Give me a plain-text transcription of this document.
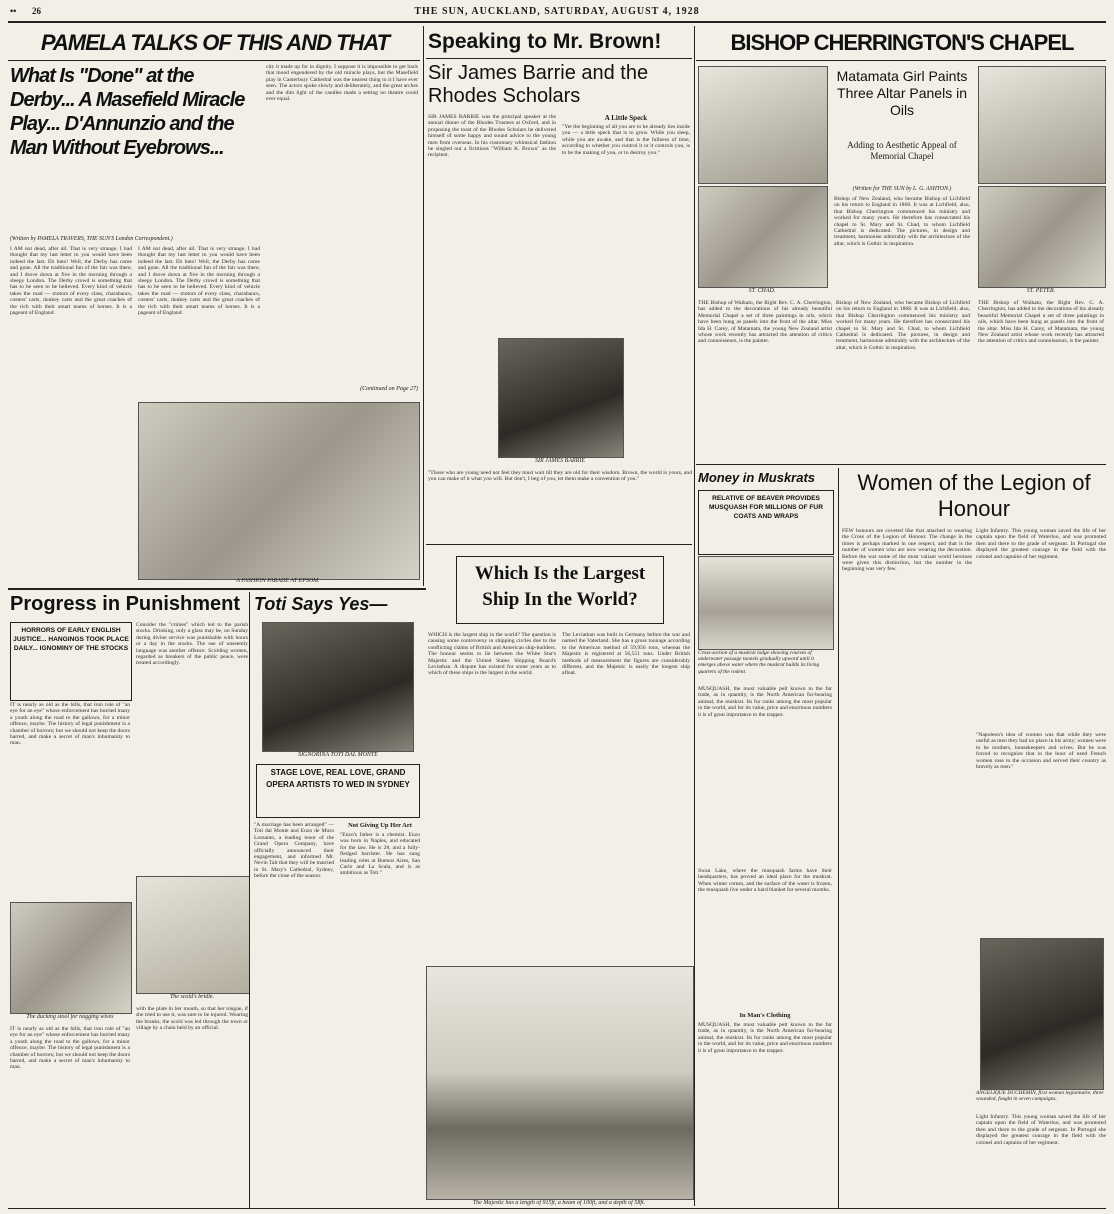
•• 26	THE SUN, AUCKLAND, SATURDAY, AUGUST 4, 1928
PAMELA TALKS OF THIS AND THAT
What Is "Done" at the Derby... A Masefield Miracle Play... D'Annunzio and the Man Without Eyebrows...
(Written by PAMELA TRAVERS, THE SUN'S London Correspondent.)
I AM not dead, after all. That is very strange. I had thought that my last letter to you would have been indeed the last. Eh bien! Well, the Derby has come and gone. All the traditional fun of the fair was there, and I drove down at five in the morning through a sleepy London. The Derby crowd is something that has to be seen to be believed. Every kind of vehicle takes the road — motors of every class, charabancs, costers' carts, donkey carts and the great coaches of the rich with their smart teams of horses. It is a pageant of England.
I AM not dead, after all. That is very strange. I had thought that my last letter to you would have been indeed the last. Eh bien! Well, the Derby has come and gone. All the traditional fun of the fair was there, and I drove down at five in the morning through a sleepy London. The Derby crowd is something that has to be seen to be believed. Every kind of vehicle takes the road — motors of every class, charabancs, costers' carts, donkey carts and the great coaches of the rich with their smart teams of horses. It is a pageant of England.
city it made up for in dignity. I suppose it is impossible to get back that mood engendered by the old miracle plays, but the Masefield play in Canterbury Cathedral was the nearest thing to it I have ever seen. The actors spoke slowly and deliberately, and the great arches and the dim light of the candles made a setting no theatre could ever equal.
(Continued on Page 27)
A FASHION PARADE AT EPSOM.
Speaking to Mr. Brown!
Sir James Barrie and the Rhodes Scholars
SIR JAMES BARRIE was the principal speaker at the annual dinner of the Rhodes Trustees at Oxford, and in proposing the toast of the Rhodes Scholars he delivered himself of some happy and sound advice to the young men from overseas. In his customary whimsical fashion he singled out a fictitious "William K. Brown" as the recipient.
A Little Speck
"Yet the beginning of all you are to be already lies inside you — a little speck that is to grow. While you sleep, while you are awake, and that is the fullness of time, according to whether you control it or it controls you, is to be the making of you, or to destroy you."
SIR JAMES BARRIE
"Those who are young need not feel they must wait till they are old for their wisdom. Brown, the world is yours, and you can make of it what you will. But don't, I beg of you, let them make a convention of you."
Which Is the Largest Ship In the World?
WHICH is the largest ship in the world? The question is causing some controversy in shipping circles due to the conflicting claims of British and American ship-builders. The honour seems to lie between the White Star's Majestic and the United States Shipping Board's Leviathan. A dispute has existed for some years as to which of these ships is the largest in the world.
The Leviathan was built in Germany before the war and named the Vaterland. She has a gross tonnage according to the American method of 59,956 tons, whereas the Majestic is registered at 56,551 tons. Under British methods of measurement the figures are considerably different, and the Majestic is easily the longest ship afloat.
The Majestic has a length of 915ft, a beam of 100ft, and a depth of 58ft.
Progress in Punishment
HORRORS OF EARLY ENGLISH JUSTICE... HANGINGS TOOK PLACE DAILY... IGNOMINY OF THE STOCKS
IT is nearly as old as the hills, that iron rule of "an eye for an eye" whose enforcement has hurried many a youth along the road to the gallows, for a minor offence, maybe. The history of legal punishment is a chamber of horrors; but we should not keep the doors barred, and make a secret of man's inhumanity to man.
The ducking stool for nagging wives
IT is nearly as old as the hills, that iron rule of "an eye for an eye" whose enforcement has hurried many a youth along the road to the gallows, for a minor offence, maybe. The history of legal punishment is a chamber of horrors; but we should not keep the doors barred, and make a secret of man's inhumanity to man.
Consider the "crimes" which led to the parish stocks. Drinking, only a glass may be, on Sunday during divine service was punishable with hours or a day in the stocks. The use of unseemly language was another offence. Scolding women, regarded as breakers of the public peace, were treated accordingly.
The scold's bridle.
with the plate in her mouth, so that her tongue, if she tried to use it, was sure to be injured. Wearing the branks, the scold was led through the town or village by a chain held by an official.
Toti Says Yes—
SIGNORINA TOTI DAL MONTE
STAGE LOVE, REAL LOVE, GRAND OPERA ARTISTS TO WED IN SYDNEY
"A marriage has been arranged" — Toti dal Monte and Enzo de Muro Lomanto, a leading tenor of the Grand Opera Company, have officially announced their engagement, and informed Mr. Nevin Tait that they will be married in St. Mary's Cathedral, Sydney, before the close of the season.
Not Giving Up Her Art
"Enzo's father is a chemist. Enzo was born in Naples, and educated for the law. He is 28, and a fully-fledged barrister. He has sung leading roles at Buenos Aires, San Carlo and La Scala, and is as ambitious as Toti."
BISHOP CHERRINGTON'S CHAPEL
Matamata Girl Paints Three Altar Panels in Oils
Adding to Aesthetic Appeal of Memorial Chapel
(Written for THE SUN by L. G. ASHTON.)
ST. CHAD.	ST. PETER.
Bishop of New Zealand, who became Bishop of Lichfield on his return to England in 1868. It was at Lichfield, also, that Bishop Cherrington commenced his ministry and worked for many years. He therefore has consecrated his chapel to St. Mary and St. Chad, to whom Lichfield Cathedral is dedicated. The pictures, in design and treatment, harmonise admirably with the architecture of the altar, which is Gothic in inspiration.
THE Bishop of Waikato, the Right Rev. C. A. Cherrington, has added to the decorations of his already beautiful Memorial Chapel a set of three paintings in oils, which have been hung as panels into the front of the altar. Miss Ida H. Carey, of Matamata, the young New Zealand artist whose work recently has attracted the attention of critics and connoisseurs, is the painter.
Bishop of New Zealand, who became Bishop of Lichfield on his return to England in 1868. It was at Lichfield, also, that Bishop Cherrington commenced his ministry and worked for many years. He therefore has consecrated his chapel to St. Mary and St. Chad, to whom Lichfield Cathedral is dedicated. The pictures, in design and treatment, harmonise admirably with the architecture of the altar, which is Gothic in inspiration.
THE Bishop of Waikato, the Right Rev. C. A. Cherrington, has added to the decorations of his already beautiful Memorial Chapel a set of three paintings in oils, which have been hung as panels into the front of the altar. Miss Ida H. Carey, of Matamata, the young New Zealand artist whose work recently has attracted the attention of critics and connoisseurs, is the painter.
Money in Muskrats
RELATIVE OF BEAVER PROVIDES MUSQUASH FOR MILLIONS OF FUR COATS AND WRAPS
Cross-section of a muskrat lodge showing courses of underwater passage tunnels gradually upward until it emerges above water where the muskrat builds its living quarters of the rodent.
MUSQUASH, the most valuable pelt known to the fur trade, as in quantity, is the North American fur-bearing animal, the muskrat. Its fur ranks among the most popular in the world, and for its value, price and enormous numbers it is of great importance to the trapper.
Swan Lake, where the musquash farms have their headquarters, has proved an ideal place for the muskrat. When winter comes, and the surface of the water is frozen, the musquash live under a hard blanket for several months.
In Man's Clothing
MUSQUASH, the most valuable pelt known to the fur trade, as in quantity, is the North American fur-bearing animal, the muskrat. Its fur ranks among the most popular in the world, and for its value, price and enormous numbers it is of great importance to the trapper.
Women of the Legion of Honour
FEW honours are coveted like that attached to wearing the Cross of the Legion of Honour. The change in the times is perhaps marked in one respect, and that is the number of women who are now wearing the decoration. Before the war some of the most valiant world heroines were given this distinction, but the number in the beginning was very few.
Light Infantry. This young woman saved the life of her captain upon the field of Waterloo, and was promoted then and there to the grade of sergeant. In Portugal she displayed the greatest courage in the field with the colonel and captains of her regiment.
"Napoleon's idea of women was that while they were useful as men they had no place in his army; women were to be mothers, housekeepers and wives. But he was forced to recognize that in the hour of need French women rose to the occasion and served their country as bravely as men."
ANGELIQUE DUCHEMIN, first woman legionnaire, three wounded, fought in seven campaigns.
Light Infantry. This young woman saved the life of her captain upon the field of Waterloo, and was promoted then and there to the grade of sergeant. In Portugal she displayed the greatest courage in the field with the colonel and captains of her regiment.
